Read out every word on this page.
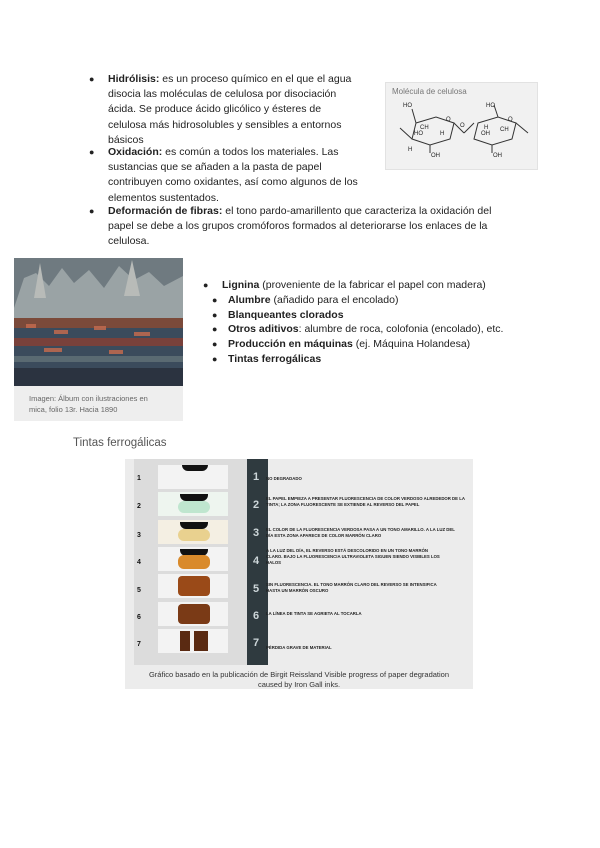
● Hidrólisis: es un proceso químico en el que el agua
disocia las moléculas de celulosa por disociación
ácida. Se produce ácido glicólico y ésteres de
celulosa más hidrosolubles y sensibles a entornos
básicos
● Oxidación: es común a todos los materiales. Las
sustancias que se añaden a la pasta de papel
contribuyen como oxidantes, así como algunos de los
elementos sustentados.
● Deformación de fibras: el tono pardo-amarillento que caracteriza la oxidación del
papel se debe a los grupos cromóforos formados al deteriorarse los enlaces de la
celulosa.
Molécula de celulosa
HO
O
CH
HO	H
OH
H
O	H
OH
HO
CH
OH
O
Imagen: Álbum con ilustraciones en
mica, folio 13r. Hacia 1890
● Lignina (proveniente de la fabricar el papel con madera)
● Alumbre (añadido para el encolado)
● Blanqueantes clorados
● Otros aditivos: alumbre de roca, colofonia (encolado), etc.
● Producción en máquinas (ej. Máquina Holandesa)
● Tintas ferrogálicas
Tintas ferrogálicas
1
2
3
4
5
6
7
1
2
3
4
5
6
7
NO DEGRADADO
EL PAPEL EMPIEZA A PRESENTAR FLUORESCENCIA DE COLOR VERDOSO ALREDEDOR DE LA
TINTA; LA ZONA FLUORESCENTE SE EXTIENDE AL REVERSO DEL PAPEL
EL COLOR DE LA FLUORESCENCIA VERDOSA PASA A UN TONO AMARILLO. A LA LUZ DEL
DÍA ESTA ZONA APARECE DE COLOR MARRÓN CLARO
A LA LUZ DEL DÍA, EL REVERSO ESTÁ DESCOLORIDO EN UN TONO MARRÓN
CLARO. BAJO LA FLUORESCENCIA ULTRAVIOLETA SIGUEN SIENDO VISIBLES LOS
HALOS
SIN FLUORESCENCIA. EL TONO MARRÓN CLARO DEL REVERSO SE INTENSIFICA
HASTA UN MARRÓN OSCURO
LA LÍNEA DE TINTA SE AGRIETA AL TOCARLA
PÉRDIDA GRAVE DE MATERIAL
Gráfico basado en la publicación de Birgit Reissland Visible progress of paper degradation
caused by Iron Gall inks.
